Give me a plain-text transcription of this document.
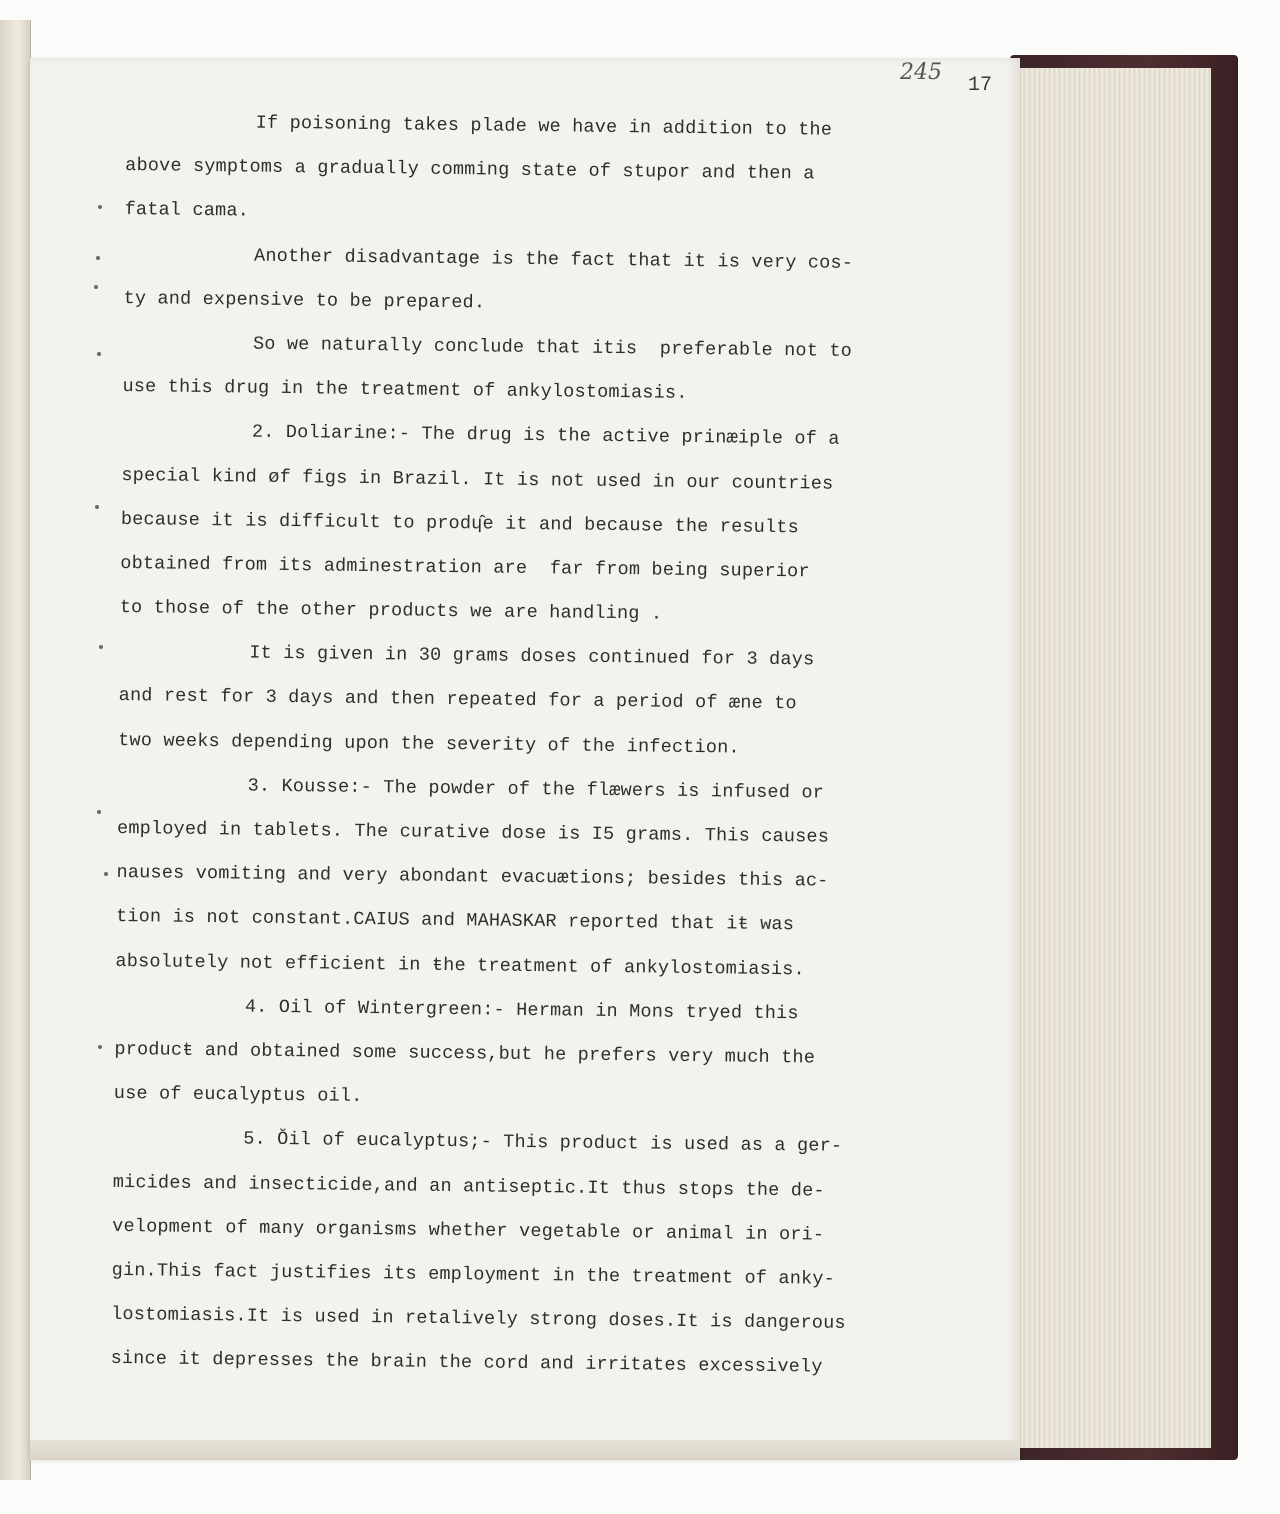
245
17
If poisoning takes plade we have in addition to the
above symptoms a gradually comming state of stupor and then a
fatal cama.
Another disadvantage is the fact that it is very cos-
ty and expensive to be prepared.
So we naturally conclude that itis  preferable not to
use this drug in the treatment of ankylostomiasis.
2. Doliarine:- The drug is the active prinæiple of a
special kind øf figs in Brazil. It is not used in our countries
because it is difficult to prodɥ̂e it and because the results
obtained from its adminestration are  far from being superior
to those of the other products we are handling .
It is given in 30 grams doses continued for 3 days
and rest for 3 days and then repeated for a period of æne to
two weeks depending upon the severity of the infection.
3. Kousse:- The powder of the flæwers is infused or
employed in tablets. The curative dose is I5 grams. This causes
nauses vomiting and very abondant evacuætions; besides this ac-
tion is not constant.CAIUS and MAHASKAR reported that iŧ was
absolutely not efficient in ŧhe treatment of ankylostomiasis.
4. Oil of Wintergreen:- Herman in Mons tryed this
producŧ and obtained some success,but he prefers very much the
use of eucalyptus oil.
5. Ŏil of eucalyptus;- This product is used as a ger-
micides and insecticide,and an antiseptic.It thus stops the de-
velopment of many organisms whether vegetable or animal in ori-
gin.This fact justifies its employment in the treatment of anky-
lostomiasis.It is used in retalively strong doses.It is dangerous
since it depresses the brain the cord and irritates excessively
